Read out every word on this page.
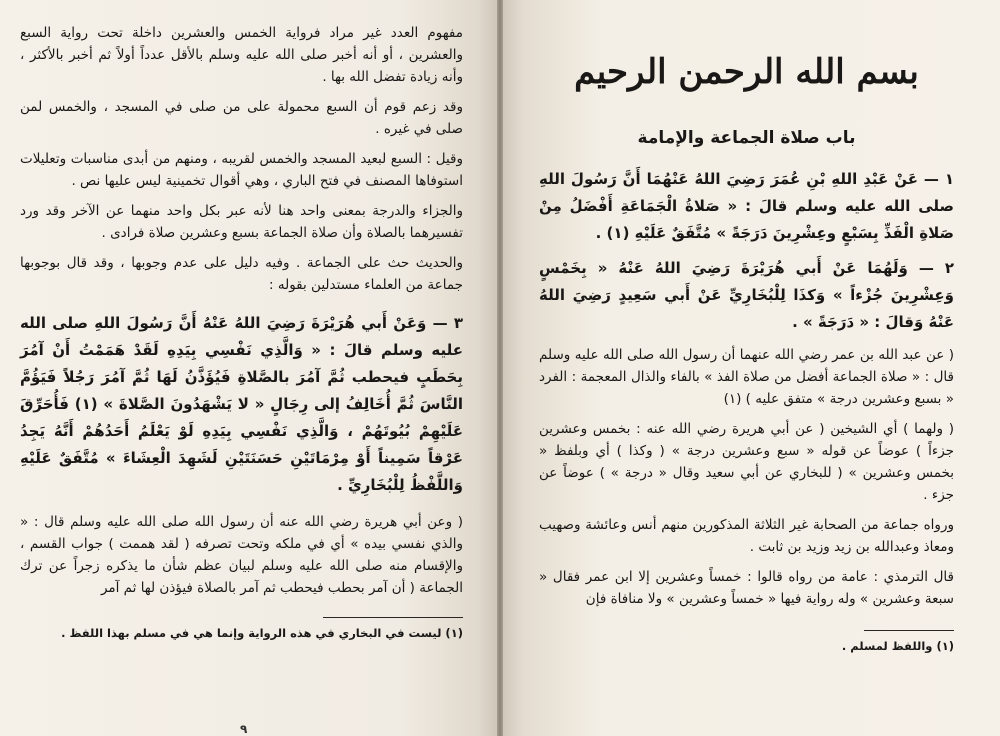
مفهوم العدد غير مراد فرواية الخمس والعشرين داخلة تحت رواية السبع والعشرين ، أو أنه أخبر صلى الله عليه وسلم بالأقل عدداً أولاً ثم أخبر بالأكثر ، وأنه زيادة تفضل الله بها .

وقد زعم قوم أن السبع محمولة على من صلى في المسجد ، والخمس لمن صلى في غيره .

وقيل : السبع لبعيد المسجد والخمس لقريبه ، ومنهم من أبدى مناسبات وتعليلات استوفاها المصنف في فتح الباري ، وهي أقوال تخمينية ليس عليها نص .

والجزاء والدرجة بمعنى واحد هنا لأنه عبر بكل واحد منهما عن الآخر وقد ورد تفسيرهما بالصلاة وأن صلاة الجماعة بسبع وعشرين صلاة فرادى .

والحديث حث على الجماعة . وفيه دليل على عدم وجوبها ، وقد قال بوجوبها جماعة من العلماء مستدلين بقوله :

٣ — وَعَنْ أَبي هُرَيْرَةَ رَضِيَ اللهُ عَنْهُ أَنَّ رَسُولَ اللهِ صلى الله عليه وسلم قالَ : « وَالَّذِي نَفْسِي بِيَدِهِ لَقَدْ هَمَمْتُ أَنْ آمُرَ بِحَطَبٍ فيحطب ثُمَّ آمُرَ بالصَّلاةِ فَيُؤَذَّنُ لَهَا ثُمَّ آمُرَ رَجُلاً فَيَؤُمَّ النَّاسَ ثُمَّ أُخَالِفُ إلى رِجَالٍ « لا يَشْهَدُونَ الصَّلاةَ » (١) فَأُحَرِّقَ عَلَيْهِمْ بُيُوتَهُمْ ، وَالَّذِي نَفْسِي بِيَدِهِ لَوْ يَعْلَمُ أَحَدُهُمْ أَنَّهُ يَجِدُ عَرْقاً سَمِيناً أَوْ مِرْمَاتَيْنِ حَسَنَتَيْنِ لَشَهِدَ الْعِشَاءَ » مُتَّفَقٌ عَلَيْهِ وَاللَّفْظُ لِلْبُخَارِيِّ .

( وعن أبي هريرة رضي الله عنه أن رسول الله صلى الله عليه وسلم قال : « والذي نفسي بيده » أي في ملكه وتحت تصرفه ( لقد هممت ) جواب القسم ، والإقسام منه صلى الله عليه وسلم لبيان عظم شأن ما يذكره زجراً عن ترك الجماعة ( أن آمر بحطب فيحطب ثم آمر بالصلاة فيؤذن لها ثم آمر

(١) ليست في البخاري في هذه الرواية وإنما هي في مسلم بهذا اللفظ .

٩
بسم الله الرحمن الرحيم
باب صلاة الجماعة والإمامة

١ — عَنْ عَبْدِ اللهِ بْنِ عُمَرَ رَضِيَ اللهُ عَنْهُمَا أَنَّ رَسُولَ اللهِ صلى الله عليه وسلم قالَ : « صَلاةُ الْجَمَاعَةِ أَفْضَلُ مِنْ صَلاةِ الْفَذِّ بِسَبْعٍ وعِشْرِينَ دَرَجَةً » مُتَّفَقٌ عَلَيْهِ (١) .

٢ — وَلَهُمَا عَنْ أَبي هُرَيْرَةَ رَضِيَ اللهُ عَنْهُ « بِخَمْسٍ وَعِشْرِينَ جُزْءاً » وَكذَا لِلْبُخَارِيِّ عَنْ أَبي سَعِيدٍ رَضِيَ اللهُ عَنْهُ وَقالَ : « دَرَجَةً » .

( عن عبد الله بن عمر رضي الله عنهما أن رسول الله صلى الله عليه وسلم قال : « صلاة الجماعة أفضل من صلاة الفذ » بالفاء والذال المعجمة : الفرد « بسبع وعشرين درجة » متفق عليه ) (١)

( ولهما ) أي الشيخين ( عن أبي هريرة رضي الله عنه : بخمس وعشرين جزءاً ) عوضاً عن قوله « سبع وعشرين درجة » ( وكذا ) أي وبلفظ « بخمس وعشرين » ( للبخاري عن أبي سعيد وقال « درجة » ) عوضاً عن جزء .

ورواه جماعة من الصحابة غير الثلاثة المذكورين منهم أنس وعائشة وصهيب ومعاذ وعبدالله بن زيد وزيد بن ثابت .

قال الترمذي : عامة من رواه قالوا : خمساً وعشرين إلا ابن عمر فقال « سبعة وعشرين » وله رواية فيها « خمساً وعشرين » ولا منافاة فإن

(١) واللفظ لمسلم .
